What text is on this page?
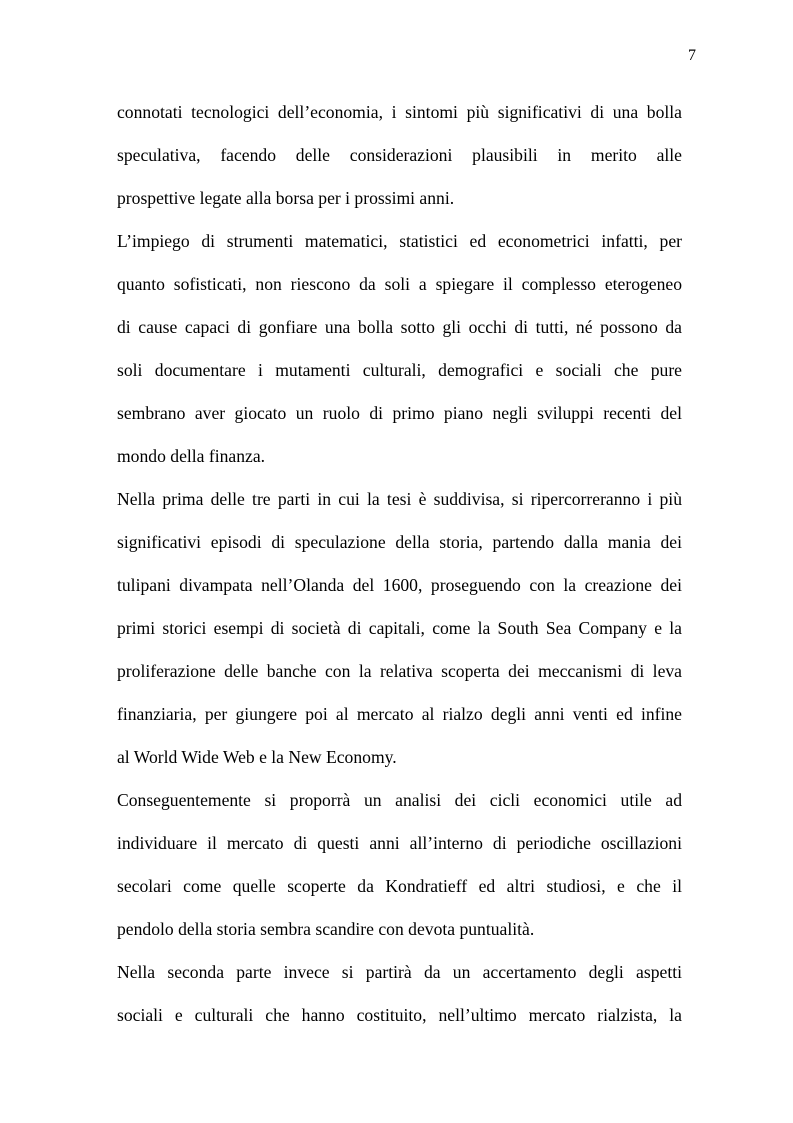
7
connotati tecnologici dell’economia, i sintomi più significativi di una bolla
speculativa, facendo delle considerazioni plausibili in merito alle
prospettive legate alla borsa per i prossimi anni.
L’impiego di strumenti matematici, statistici ed econometrici infatti, per
quanto sofisticati, non riescono da soli a spiegare il complesso eterogeneo
di cause capaci di gonfiare una bolla sotto gli occhi di tutti, né possono da
soli documentare i mutamenti culturali, demografici e sociali che pure
sembrano aver giocato un ruolo di primo piano negli sviluppi recenti del
mondo della finanza.
Nella prima delle tre parti in cui la tesi è suddivisa, si ripercorreranno i più
significativi episodi di speculazione della storia, partendo dalla mania dei
tulipani divampata nell’Olanda del 1600, proseguendo con la creazione dei
primi storici esempi di società di capitali, come la South Sea Company e la
proliferazione delle banche con la relativa scoperta dei meccanismi di leva
finanziaria, per giungere poi al mercato al rialzo degli anni venti ed infine
al World Wide Web e la New Economy.
Conseguentemente si proporrà un analisi dei cicli economici utile ad
individuare il mercato di questi anni all’interno di periodiche oscillazioni
secolari come quelle scoperte da Kondratieff ed altri studiosi, e che il
pendolo della storia sembra scandire con devota puntualità.
Nella seconda parte invece si partirà da un accertamento degli aspetti
sociali e culturali che hanno costituito, nell’ultimo mercato rialzista, la
